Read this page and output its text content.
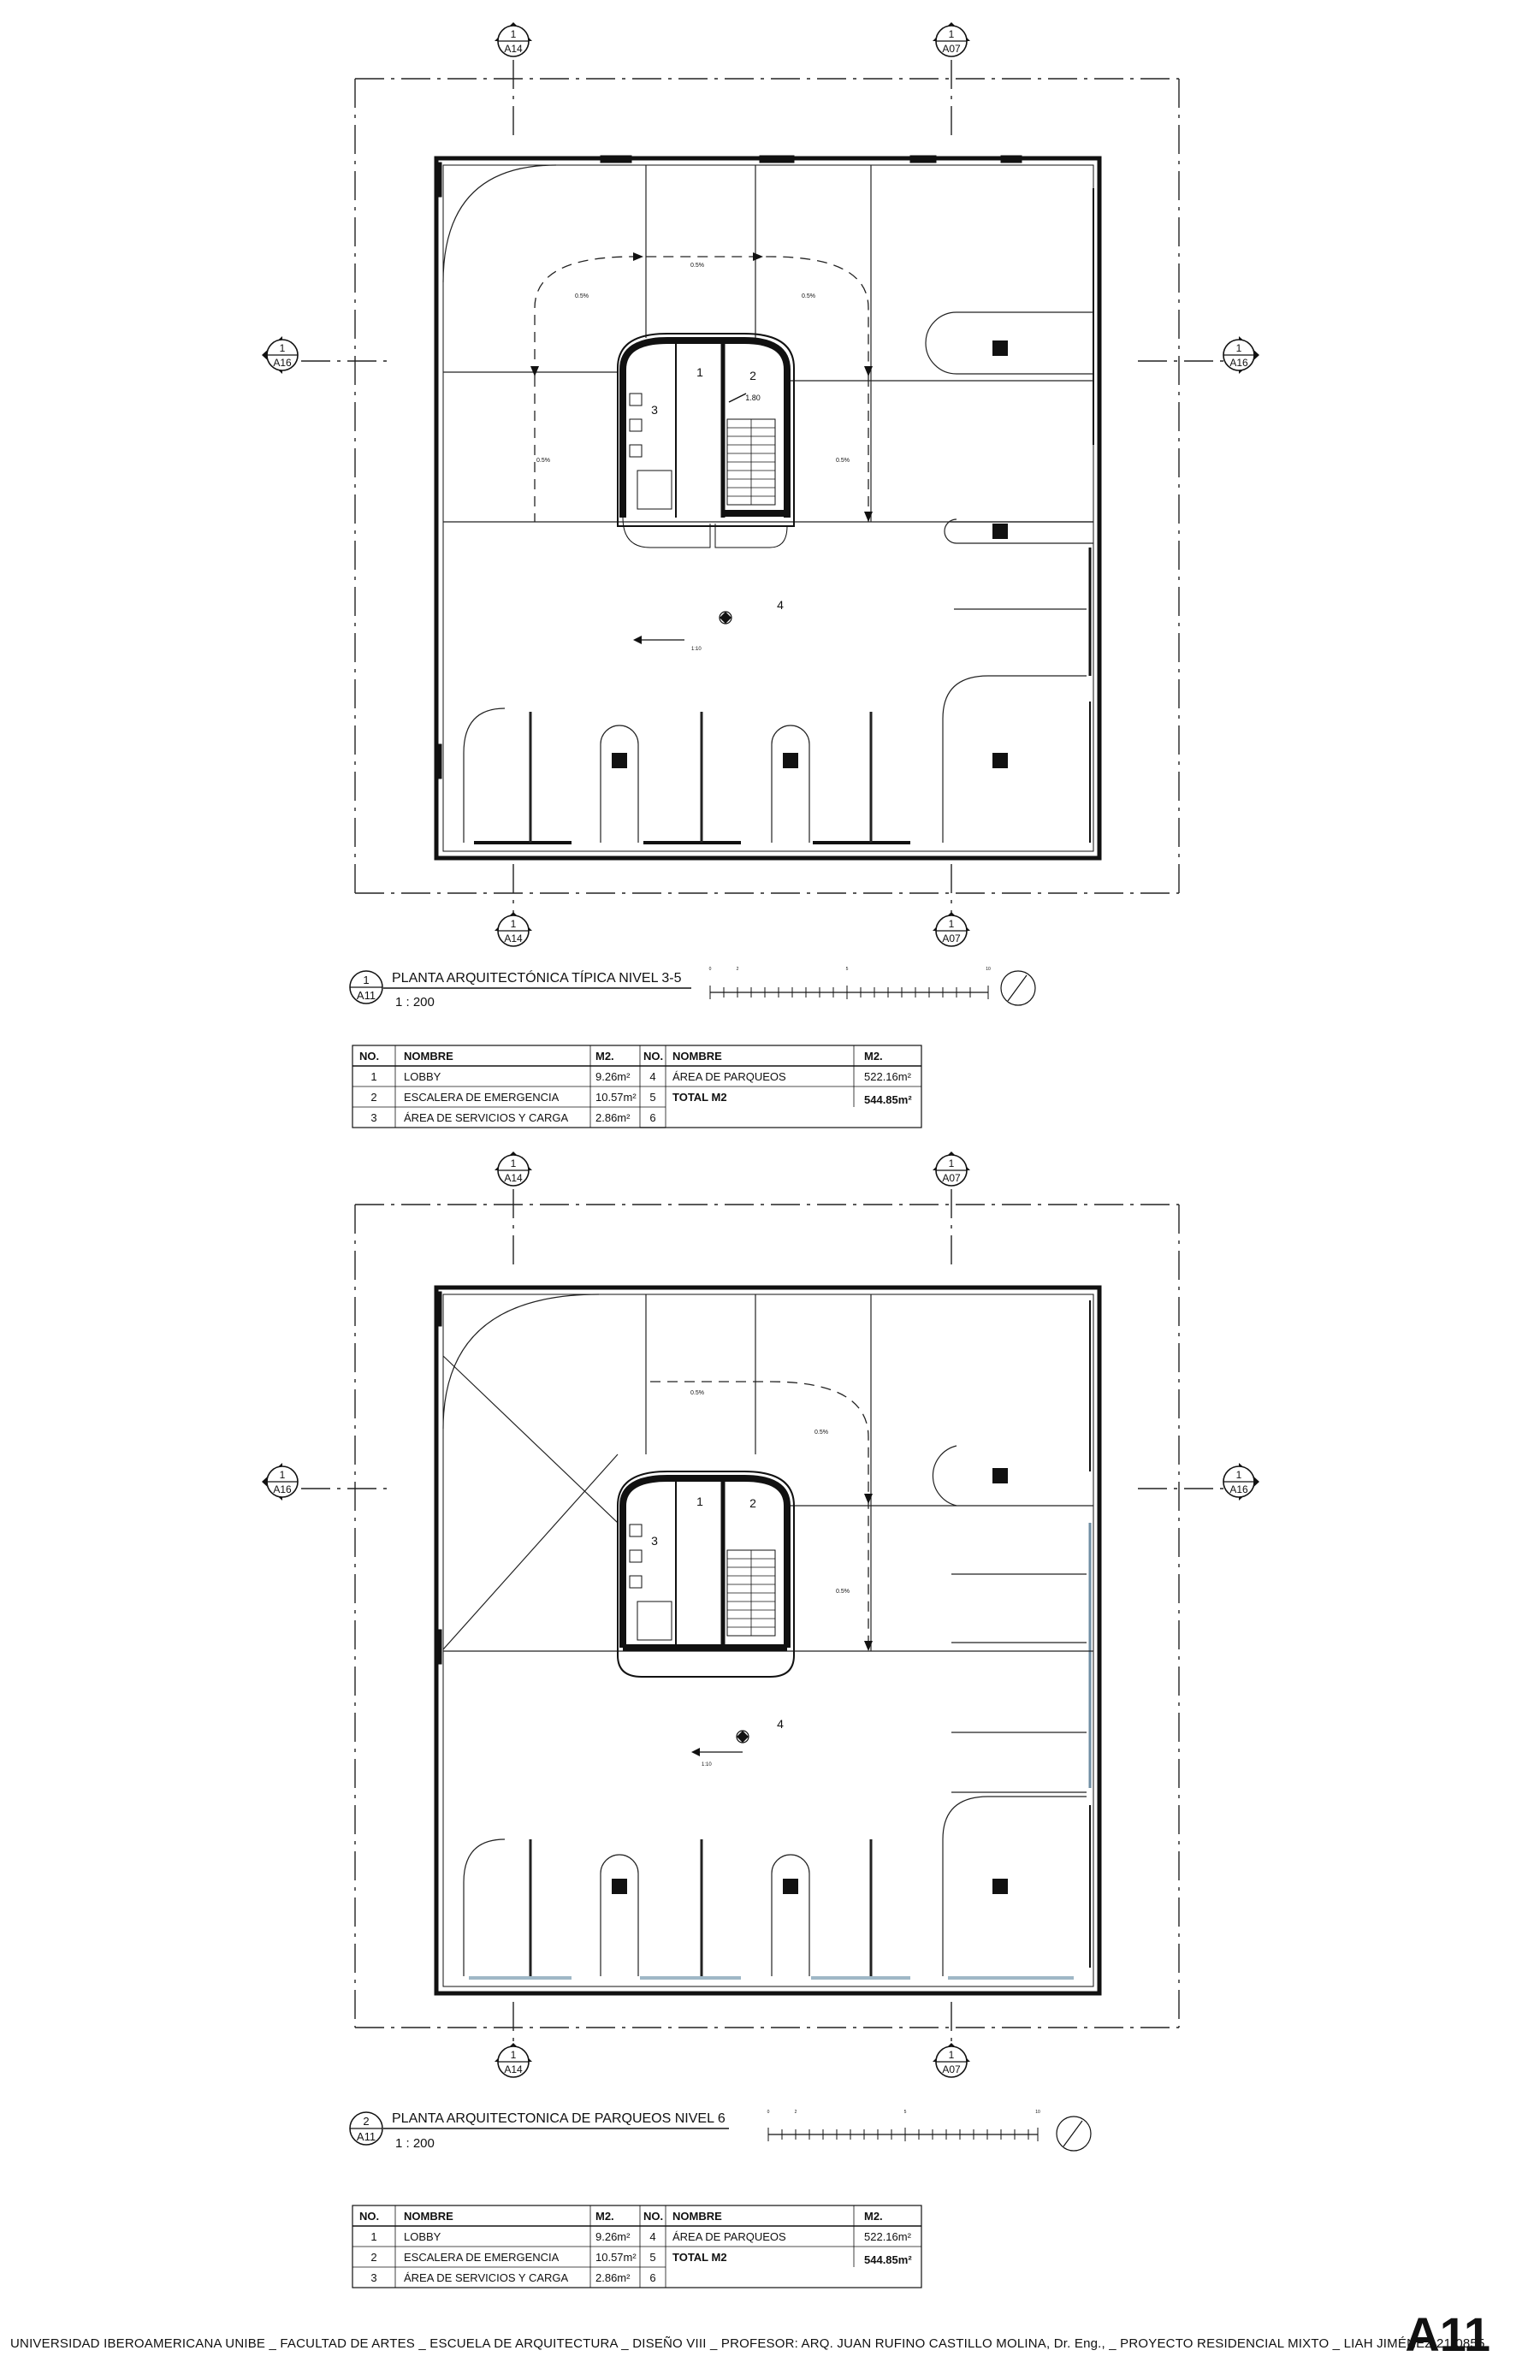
1
A14
1
A07
1
A14
1
A07
1
A16
1
A16
0.5%
0.5%	0.5%
0.5%	0.5%
1	2
3
4
1.80
1:10
1
A11
PLANTA ARQUITECTÓNICA TÍPICA NIVEL 3-5
1 : 200
0	2	5	10
NO. NOMBRE	M2.	NO. NOMBRE	M2.
1 LOBBY	9.26m² 4 ÁREA DE PARQUEOS	522.16m²
2 ESCALERA DE EMERGENCIA	10.57m² 5 TOTAL M2	544.85m²
3 ÁREA DE SERVICIOS Y CARGA 2.86m² 6
1
A14
1
A07
1
A14
1
A07
1
A16
1
A16
0.5%
0.5%
0.5%
1	2
3
4
1:10
2
A11
PLANTA ARQUITECTONICA DE PARQUEOS NIVEL 6
1 : 200
0	2	5	10
NO. NOMBRE	M2.	NO. NOMBRE	M2.
1 LOBBY	9.26m² 4 ÁREA DE PARQUEOS	522.16m²
2 ESCALERA DE EMERGENCIA	10.57m² 5 TOTAL M2	544.85m²
3 ÁREA DE SERVICIOS Y CARGA 2.86m² 6
UNIVERSIDAD IBEROAMERICANA UNIBE _ FACULTAD DE ARTES _ ESCUELA DE ARQUITECTURA _ DISEÑO VIII _ PROFESOR: ARQ. JUAN RUFINO CASTILLO MOLINA, Dr. Eng., _ PROYECTO RESIDENCIAL MIXTO _ LIAH JIMÉNEZ 21-0855
A11
